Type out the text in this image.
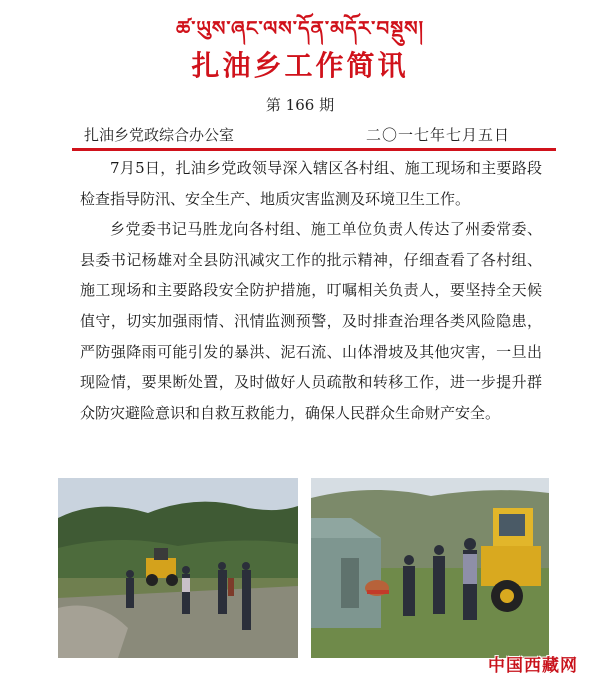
ཚ་ཡུས་ཞང་ལས་དོན་མདོར་བསྡུས།
扎油乡工作简讯
第 166 期
扎油乡党政综合办公室	二〇一七年七月五日

7月5日，扎油乡党政领导深入辖区各村组、施工现场和主要路段检查指导防汛、安全生产、地质灾害监测及环境卫生工作。

乡党委书记马胜龙向各村组、施工单位负责人传达了州委常委、县委书记杨雄对全县防汛减灾工作的批示精神，仔细查看了各村组、施工现场和主要路段安全防护措施，叮嘱相关负责人，要坚持全天候值守，切实加强雨情、汛情监测预警，及时排查治理各类风险隐患，严防强降雨可能引发的暴洪、泥石流、山体滑坡及其他灾害，一旦出现险情，要果断处置，及时做好人员疏散和转移工作，进一步提升群众防灾避险意识和自救互救能力，确保人民群众生命财产安全。

中国西藏网
